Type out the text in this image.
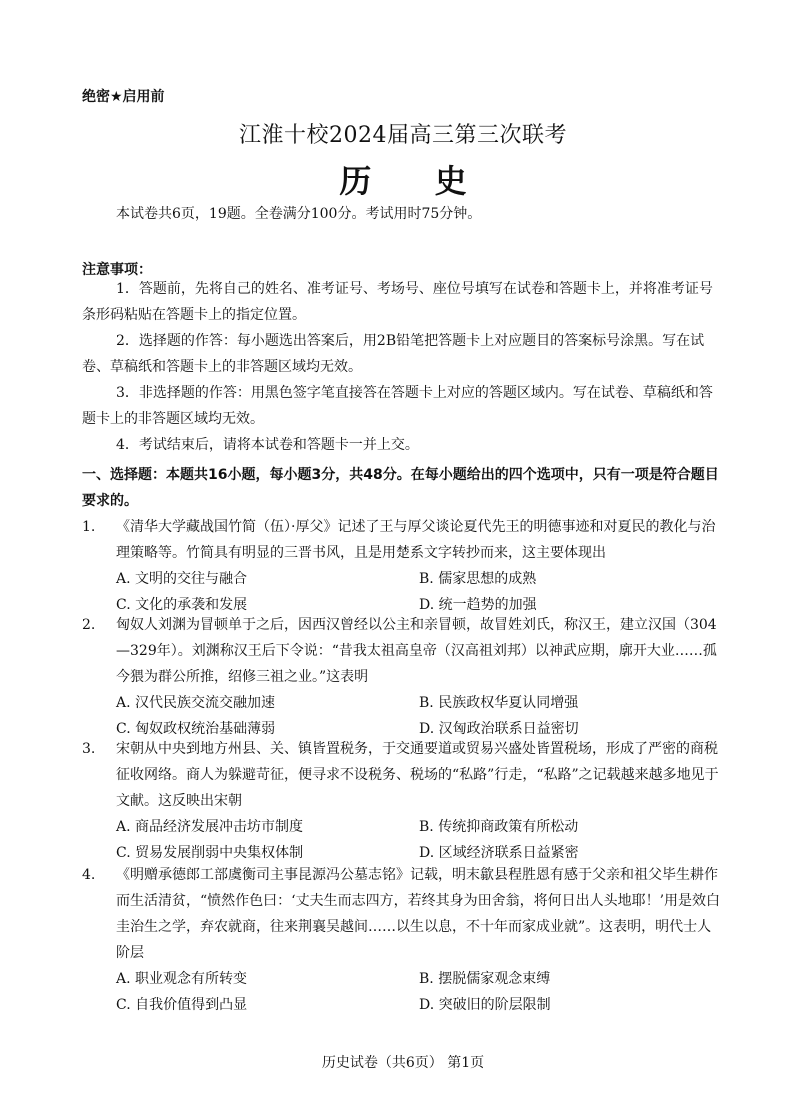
绝密★启用前
江淮十校2024届高三第三次联考
历 史
本试卷共6页，19题。全卷满分100分。考试用时75分钟。
注意事项：
1．答题前，先将自己的姓名、准考证号、考场号、座位号填写在试卷和答题卡上，并将准考证号条形码粘贴在答题卡上的指定位置。
2．选择题的作答：每小题选出答案后，用2B铅笔把答题卡上对应题目的答案标号涂黑。写在试卷、草稿纸和答题卡上的非答题区域均无效。
3．非选择题的作答：用黑色签字笔直接答在答题卡上对应的答题区域内。写在试卷、草稿纸和答题卡上的非答题区域均无效。
4．考试结束后，请将本试卷和答题卡一并上交。
一、选择题：本题共16小题，每小题3分，共48分。在每小题给出的四个选项中，只有一项是符合题目要求的。
1.	《清华大学藏战国竹简（伍）·厚父》记述了王与厚父谈论夏代先王的明德事迹和对夏民的教化与治理策略等。竹简具有明显的三晋书风，且是用楚系文字转抄而来，这主要体现出
A. 文明的交往与融合	B. 儒家思想的成熟
C. 文化的承袭和发展	D. 统一趋势的加强
2.	匈奴人刘渊为冒顿单于之后，因西汉曾经以公主和亲冒顿，故冒姓刘氏，称汉王，建立汉国（304—329年）。刘渊称汉王后下令说：“昔我太祖高皇帝（汉高祖刘邦）以神武应期，廓开大业……孤今猥为群公所推，绍修三祖之业。”这表明
A. 汉代民族交流交融加速	B. 民族政权华夏认同增强
C. 匈奴政权统治基础薄弱	D. 汉匈政治联系日益密切
3.	宋朝从中央到地方州县、关、镇皆置税务，于交通要道或贸易兴盛处皆置税场，形成了严密的商税征收网络。商人为躲避苛征，便寻求不设税务、税场的“私路”行走，“私路”之记载越来越多地见于文献。这反映出宋朝
A. 商品经济发展冲击坊市制度	B. 传统抑商政策有所松动
C. 贸易发展削弱中央集权体制	D. 区域经济联系日益紧密
4.	《明赠承德郎工部虞衡司主事昆源冯公墓志铭》记载，明末歙县程胜恩有感于父亲和祖父毕生耕作而生活清贫，“愤然作色曰：‘丈夫生而志四方，若终其身为田舍翁，将何日出人头地耶！’用是效白圭治生之学，弃农就商，往来荆襄吴越间……以生以息，不十年而家成业就”。这表明，明代士人阶层
A. 职业观念有所转变	B. 摆脱儒家观念束缚
C. 自我价值得到凸显	D. 突破旧的阶层限制
历史试卷（共6页） 第1页
